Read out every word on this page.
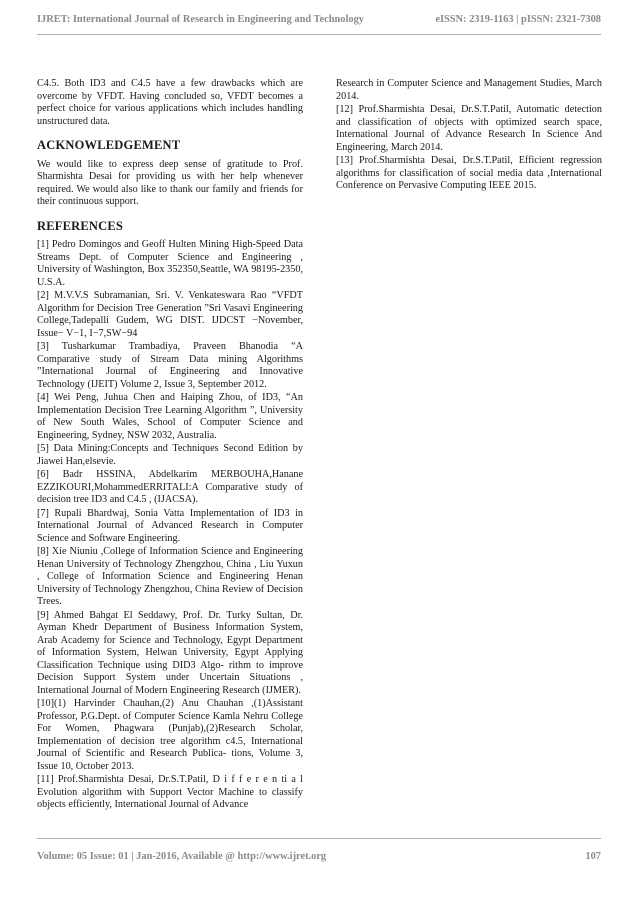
IJRET: International Journal of Research in Engineering and Technology	eISSN: 2319-1163 | pISSN: 2321-7308

C4.5. Both ID3 and C4.5 have a few drawbacks which are overcome by VFDT. Having concluded so, VFDT becomes a perfect choice for various applications which includes handling unstructured data.

ACKNOWLEDGEMENT

We would like to express deep sense of gratitude to Prof. Sharmishta Desai for providing us with her help whenever required. We would also like to thank our family and friends for their continuous support.

REFERENCES

[1] Pedro Domingos and Geoff Hulten Mining High-Speed Data Streams Dept. of Computer Science and Engineering , University of Washington, Box 352350,Seattle, WA 98195-2350, U.S.A.

[2] M.V.V.S Subramanian, Sri. V. Venkateswara Rao “VFDT Algorithm for Decision Tree Generation ”Sri Vasavi Engineering College,Tadepalli Gudem, WG DIST. IJDCST −November, Issue− V−1, I−7,SW−94

[3] Tusharkumar Trambadiya, Praveen Bhanodia “A Comparative study of Stream Data mining Algorithms ”International Journal of Engineering and Innovative Technology (IJEIT) Volume 2, Issue 3, September 2012.

[4] Wei Peng, Juhua Chen and Haiping Zhou, of ID3, “An Implementation Decision Tree Learning Algorithm ”, University of New South Wales, School of Computer Science and Engineering, Sydney, NSW 2032, Australia.

[5] Data Mining:Concepts and Techniques Second Edition by Jiawei Han,elsevie.

[6] Badr HSSINA, Abdelkarim MERBOUHA,Hanane EZZIKOURI,MohammedERRITALI:A Comparative study of decision tree ID3 and C4.5 , (IJACSA).

[7] Rupali Bhardwaj, Sonia Vatta Implementation of ID3 in International Journal of Advanced Research in Computer Science and Software Engineering.

[8] Xie Niuniu ,College of Information Science and Engineering Henan University of Technology Zhengzhou, China , Liu Yuxun , College of Information Science and Engineering Henan University of Technology Zhengzhou, China Review of Decision Trees.

[9] Ahmed Bahgat El Seddawy, Prof. Dr. Turky Sultan, Dr. Ayman Khedr Department of Business Information System, Arab Academy for Science and Technology, Egypt Department of Information System, Helwan University, Egypt Applying Classification Technique using DID3 Algo- rithm to improve Decision Support System under Uncertain Situations , International Journal of Modern Engineering Research (IJMER).

[10](1) Harvinder Chauhan,(2) Anu Chauhan ,(1)Assistant Professor, P.G.Dept. of Computer Science Kamla Nehru College For Women, Phagwara (Punjab),(2)Research Scholar, Implementation of decision tree algorithm c4.5, International Journal of Scientific and Research Publica- tions, Volume 3, Issue 10, October 2013.

[11] Prof.Sharmishta Desai, Dr.S.T.Patil, D i f f e r e n ti a l Evolution algorithm with Support Vector Machine to classify objects efficiently, International Journal of Advance

Research in Computer Science and Management Studies, March 2014.

[12] Prof.Sharmishta Desai, Dr.S.T.Patil, Automatic detection and classification of objects with optimized search space, International Journal of Advance Research In Science And Engineering, March 2014.

[13] Prof.Sharmishta Desai, Dr.S.T.Patil, Efficient regression algorithms for classification of social media data ,International Conference on Pervasive Computing IEEE 2015.

Volume: 05 Issue: 01 | Jan-2016, Available @ http://www.ijret.org	107
